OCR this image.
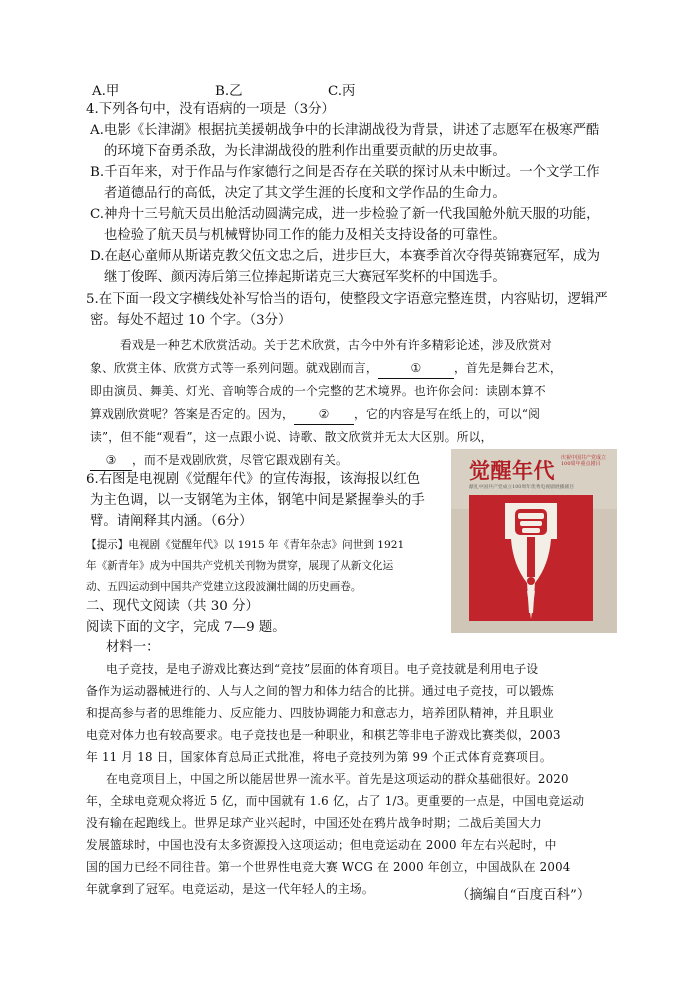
A.甲	B.乙	C.丙
4.下列各句中，没有语病的一项是（3分）
A.电影《长津湖》根据抗美援朝战争中的长津湖战役为背景，讲述了志愿军在极寒严酷
的环境下奋勇杀敌，为长津湖战役的胜利作出重要贡献的历史故事。
B.千百年来，对于作品与作家德行之间是否存在关联的探讨从未中断过。一个文学工作
者道德品行的高低，决定了其文学生涯的长度和文学作品的生命力。
C.神舟十三号航天员出舱活动圆满完成，进一步检验了新一代我国舱外航天服的功能，
也检验了航天员与机械臂协同工作的能力及相关支持设备的可靠性。
D.在赵心童师从斯诺克教父伍文忠之后，进步巨大，本赛季首次夺得英锦赛冠军，成为
继丁俊晖、颜丙涛后第三位捧起斯诺克三大赛冠军奖杯的中国选手。
5.在下面一段文字横线处补写恰当的语句，使整段文字语意完整连贯，内容贴切，逻辑严
密。每处不超过 10 个字。（3分）
看戏是一种艺术欣赏活动。关于艺术欣赏，古今中外有许多精彩论述，涉及欣赏对
象、欣赏主体、欣赏方式等一系列问题。就戏剧而言，	①	，首先是舞台艺术，
即由演员、舞美、灯光、音响等合成的一个完整的艺术境界。也许你会问：读剧本算不
算戏剧欣赏呢？答案是否定的。因为， ② ，它的内容是写在纸上的，可以“阅
读”，但不能“观看”，这一点跟小说、诗歌、散文欣赏并无太大区别。所以，
③ ，而不是戏剧欣赏，尽管它跟戏剧有关。
6.右图是电视剧《觉醒年代》的宣传海报，该海报以红色
为主色调，以一支钢笔为主体，钢笔中间是紧握拳头的手
臂。请阐释其内涵。（6分）
【提示】电视剧《觉醒年代》以 1915 年《青年杂志》问世到 1921
年《新青年》成为中国共产党机关刊物为贯穿，展现了从新文化运
动、五四运动到中国共产党建立这段波澜壮阔的历史画卷。
觉醒年代
庆祝中国共产党成立100周年重点剧目
献礼中国共产党成立100周年优秀电视剧展播剧目
二、现代文阅读（共 30 分）
阅读下面的文字，完成 7—9 题。
材料一：
电子竞技，是电子游戏比赛达到“竞技”层面的体育项目。电子竞技就是利用电子设
备作为运动器械进行的、人与人之间的智力和体力结合的比拼。通过电子竞技，可以锻炼
和提高参与者的思维能力、反应能力、四肢协调能力和意志力，培养团队精神，并且职业
电竞对体力也有较高要求。电子竞技也是一种职业，和棋艺等非电子游戏比赛类似，2003
年 11 月 18 日，国家体育总局正式批准，将电子竞技列为第 99 个正式体育竞赛项目。
在电竞项目上，中国之所以能居世界一流水平。首先是这项运动的群众基础很好。2020
年，全球电竞观众将近 5 亿，而中国就有 1.6 亿，占了 1/3。更重要的一点是，中国电竞运动
没有输在起跑线上。世界足球产业兴起时，中国还处在鸦片战争时期；二战后美国大力
发展篮球时，中国也没有太多资源投入这项运动；但电竞运动在 2000 年左右兴起时，中
国的国力已经不同往昔。第一个世界性电竞大赛 WCG 在 2000 年创立，中国战队在 2004
年就拿到了冠军。电竞运动，是这一代年轻人的主场。	（摘编自“百度百科”）
